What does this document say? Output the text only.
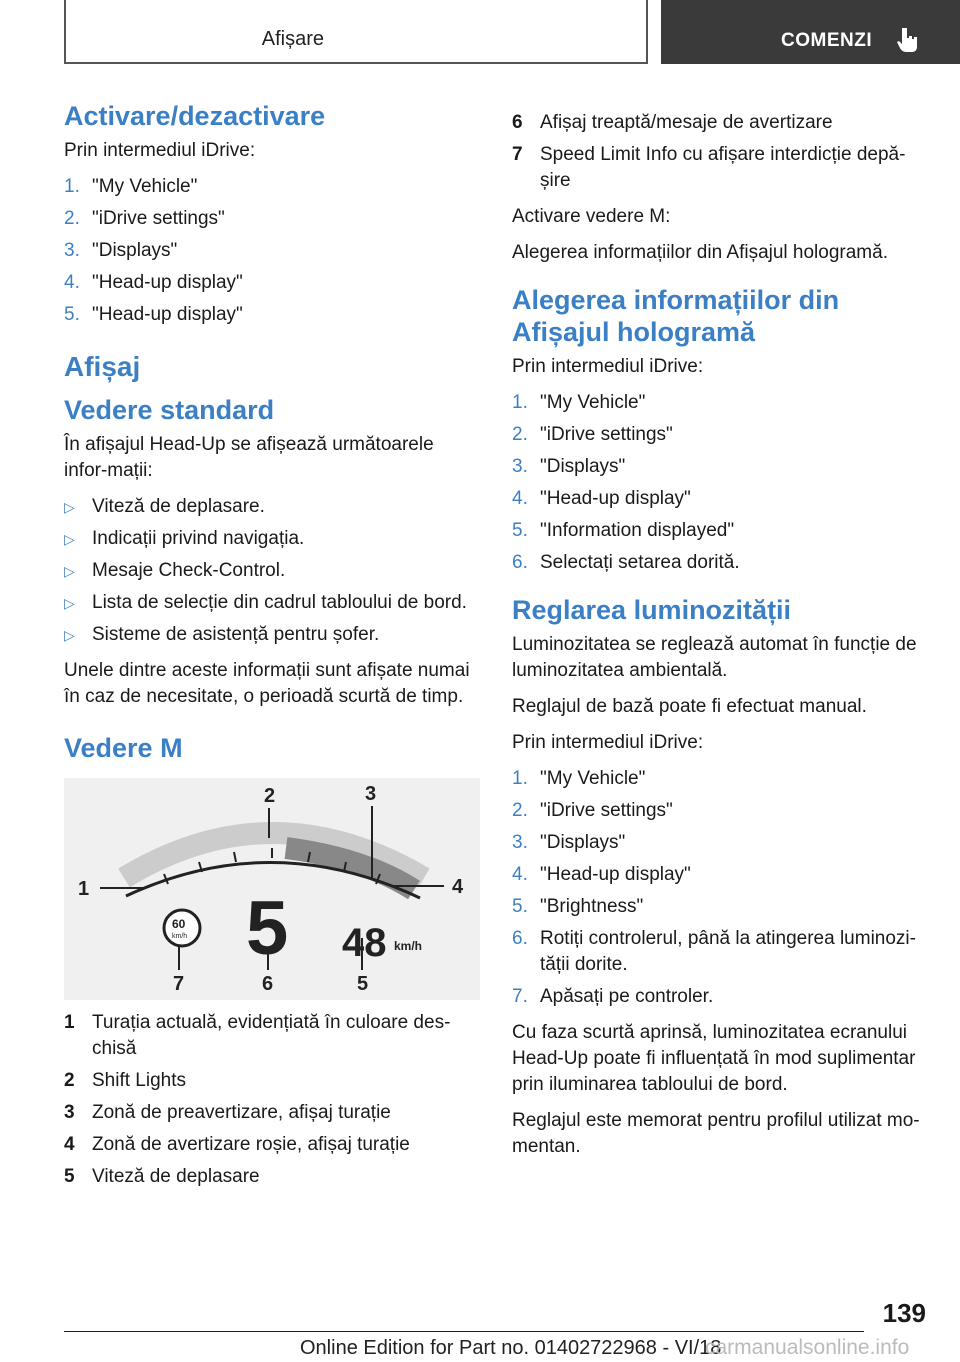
Afișare	COMENZI
Activare/dezactivare

Prin intermediul iDrive:

1. "My Vehicle"
2. "iDrive settings"
3. "Displays"
4. "Head-up display"
5. "Head-up display"
Afișaj
Vedere standard

În afișajul Head-Up se afișează următoarele infor-mații:

▷ Viteză de deplasare.
▷ Indicații privind navigația.
▷ Mesaje Check-Control.
▷ Lista de selecție din cadrul tabloului de bord.
▷ Sisteme de asistență pentru șofer.

Unele dintre aceste informații sunt afișate numai în caz de necesitate, o perioadă scurtă de timp.

Vedere M
1
2	3
4
5
6
7
60
km/h 5 48 km/h
1 Turația actuală, evidențiată în culoare des-chisă
2 Shift Lights
3 Zonă de preavertizare, afișaj turație
4 Zonă de avertizare roșie, afișaj turație
5 Viteză de deplasare
6 Afișaj treaptă/mesaje de avertizare
7 Speed Limit Info cu afișare interdicție depă-șire

Activare vedere M:

Alegerea informațiilor din Afișajul hologramă.

Alegerea informațiilor din Afișajul hologramă

Prin intermediul iDrive:

1. "My Vehicle"
2. "iDrive settings"
3. "Displays"
4. "Head-up display"
5. "Information displayed"
6. Selectați setarea dorită.
Reglarea luminozității

Luminozitatea se reglează automat în funcție de luminozitatea ambientală.

Reglajul de bază poate fi efectuat manual.

Prin intermediul iDrive:

1. "My Vehicle"
2. "iDrive settings"
3. "Displays"
4. "Head-up display"
5. "Brightness"
6. Rotiți controlerul, până la atingerea luminozi-tății dorite.
7. Apăsați pe controler.

Cu faza scurtă aprinsă, luminozitatea ecranului Head-Up poate fi influențată în mod suplimentar prin iluminarea tabloului de bord.

Reglajul este memorat pentru profilul utilizat mo-mentan.

139
Online Edition for Part no. 01402722968 - VI/18
carmanualsonline.info
